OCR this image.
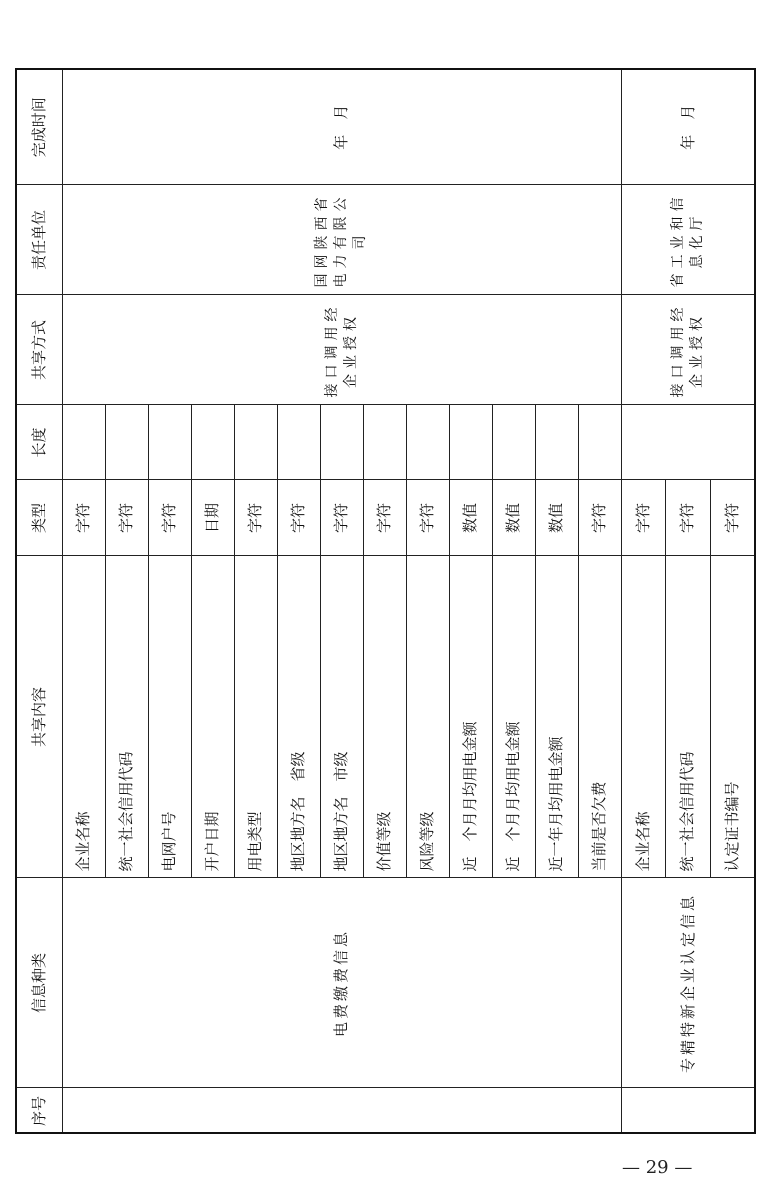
序号	信息种类	共享内容	类型	长度	共享方式	责任单位	完成时间
	电费缴费信息	企业名称	字符		接口调用经企业授权	国网陕西省电力有限公司	年　月
		统一社会信用代码	字符				
		电网户号	字符				
		开户日期	日期				
		用电类型	字符				
		地区地方名　省级	字符				
		地区地方名　市级	字符				
		价值等级	字符				
		风险等级	字符				
		近　个月月均用电金额	数值				
		近　个月月均用电金额	数值				
		近一年月均用电金额	数值				
		当前是否欠费	字符				
	专精特新企业认定信息	企业名称	字符		接口调用经企业授权	省工业和信息化厅	年　月
		统一社会信用代码	字符				
		认定证书编号	字符				
— 29 —
